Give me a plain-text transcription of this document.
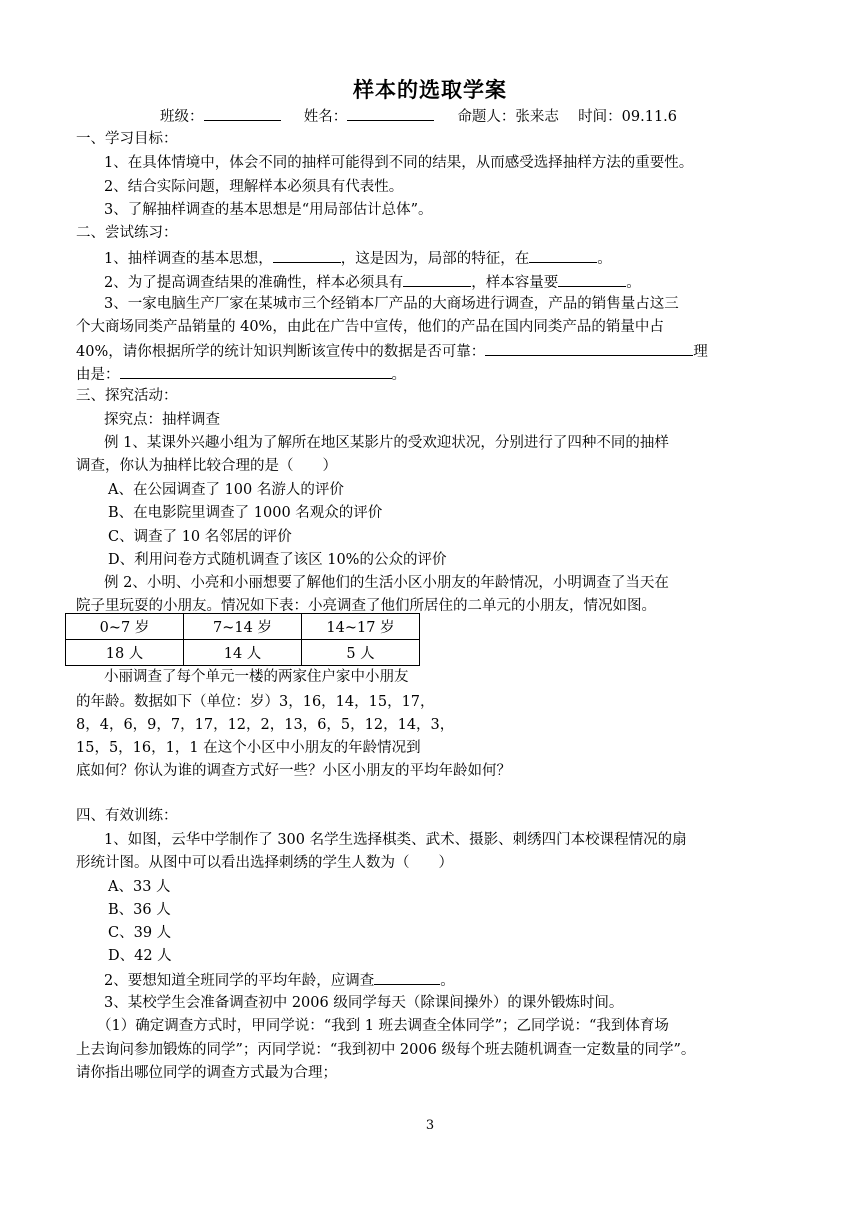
样本的选取学案
班级：	姓名：	命题人：张来志 时间：09.11.6
一、学习目标：
1、在具体情境中，体会不同的抽样可能得到不同的结果，从而感受选择抽样方法的重要性。
2、结合实际问题，理解样本必须具有代表性。
3、了解抽样调查的基本思想是“用局部估计总体”。
二、尝试练习：
1、抽样调查的基本思想，	，这是因为，局部的特征，在	。
2、为了提高调查结果的准确性，样本必须具有	，样本容量要	。
3、一家电脑生产厂家在某城市三个经销本厂产品的大商场进行调查，产品的销售量占这三
个大商场同类产品销量的 40%，由此在广告中宣传，他们的产品在国内同类产品的销量中占
40%，请你根据所学的统计知识判断该宣传中的数据是否可靠：	理
由是：	。
三、探究活动：
探究点：抽样调查
例 1、某课外兴趣小组为了解所在地区某影片的受欢迎状况，分别进行了四种不同的抽样
调查，你认为抽样比较合理的是（　　）
A、在公园调查了 100 名游人的评价
B、在电影院里调查了 1000 名观众的评价
C、调查了 10 名邻居的评价
D、利用问卷方式随机调查了该区 10%的公众的评价
例 2、小明、小亮和小丽想要了解他们的生活小区小朋友的年龄情况，小明调查了当天在
院子里玩耍的小朋友。情况如下表：小亮调查了他们所居住的二单元的小朋友，情况如图。
0~7 岁	7~14 岁	14~17 岁
18 人	14 人	5 人
小丽调查了每个单元一楼的两家住户家中小朋友
的年龄。数据如下（单位：岁）3，16，14，15，17，
8，4，6，9，7，17，12，2，13，6，5，12，14，3，
15，5，16，1，1 在这个小区中小朋友的年龄情况到
底如何？你认为谁的调查方式好一些？小区小朋友的平均年龄如何？
四、有效训练：
1、如图，云华中学制作了 300 名学生选择棋类、武术、摄影、刺绣四门本校课程情况的扇
形统计图。从图中可以看出选择刺绣的学生人数为（　　）
A、33 人
B、36 人
C、39 人
D、42 人
2、要想知道全班同学的平均年龄，应调查	。
3、某校学生会准备调查初中 2006 级同学每天（除课间操外）的课外锻炼时间。
（1）确定调查方式时，甲同学说：“我到 1 班去调查全体同学”；乙同学说：“我到体育场
上去询问参加锻炼的同学”；丙同学说：“我到初中 2006 级每个班去随机调查一定数量的同学”。
请你指出哪位同学的调查方式最为合理；
3
